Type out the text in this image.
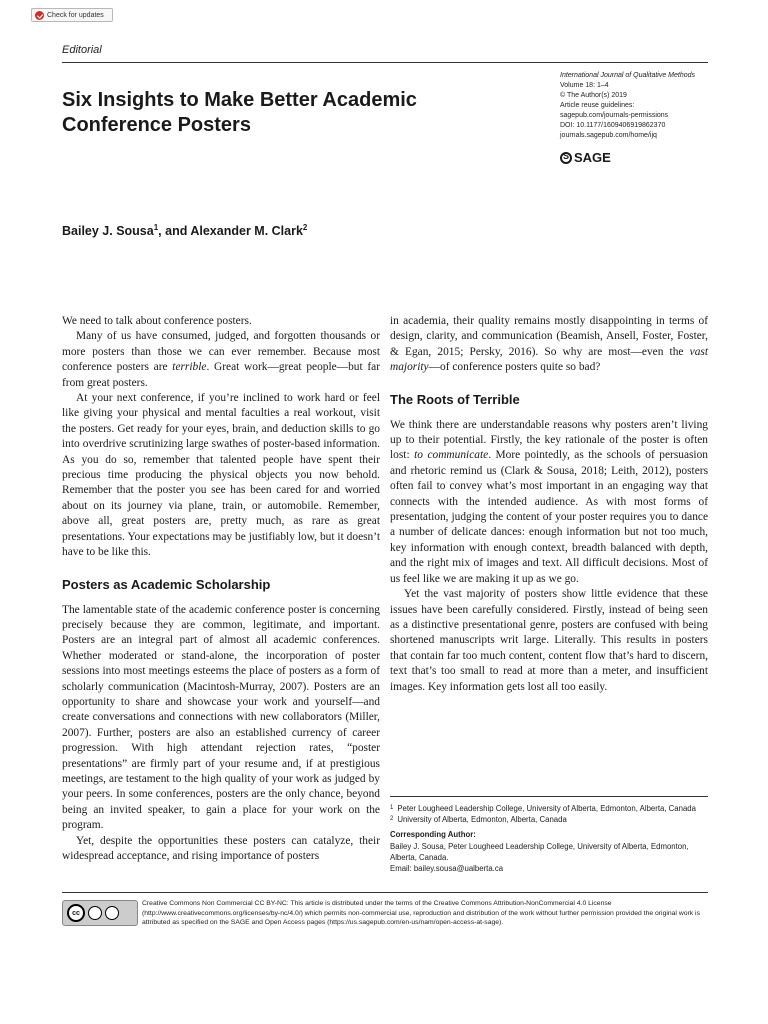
Check for updates
Editorial
Six Insights to Make Better Academic Conference Posters
International Journal of Qualitative Methods
Volume 18: 1–4
© The Author(s) 2019
Article reuse guidelines:
sagepub.com/journals-permissions
DOI: 10.1177/1609406919862370
journals.sagepub.com/home/ijq
S
SAGE
Bailey J. Sousa$^1$, and Alexander M. Clark$^2$

We need to talk about conference posters.

Many of us have consumed, judged, and forgotten thousands or more posters than those we can ever remember. Because most conference posters are terrible. Great work—great people—but far from great posters.

At your next conference, if you’re inclined to work hard or feel like giving your physical and mental faculties a real workout, visit the posters. Get ready for your eyes, brain, and deduction skills to go into overdrive scrutinizing large swathes of poster-based information. As you do so, remember that talented people have spent their precious time producing the physical objects you now behold. Remember that the poster you see has been cared for and worried about on its journey via plane, train, or automobile. Remember, above all, great posters are, pretty much, as rare as great presentations. Your expectations may be justifiably low, but it doesn’t have to be like this.

Posters as Academic Scholarship

The lamentable state of the academic conference poster is concerning precisely because they are common, legitimate, and important. Posters are an integral part of almost all academic conferences. Whether moderated or stand-alone, the incorporation of poster sessions into most meetings esteems the place of posters as a form of scholarly communication (Macintosh-Murray, 2007). Posters are an opportunity to share and showcase your work and yourself—and create conversations and connections with new collaborators (Miller, 2007). Further, posters are also an established currency of career progression. With high attendant rejection rates, “poster presentations” are firmly part of your resume and, if at prestigious meetings, are testament to the high quality of your work as judged by your peers. In some conferences, posters are the only chance, beyond being an invited speaker, to gain a place for your work on the program.

Yet, despite the opportunities these posters can catalyze, their widespread acceptance, and rising importance of posters

in academia, their quality remains mostly disappointing in terms of design, clarity, and communication (Beamish, Ansell, Foster, Foster, & Egan, 2015; Persky, 2016). So why are most—even the vast majority—of conference posters quite so bad?

The Roots of Terrible

We think there are understandable reasons why posters aren’t living up to their potential. Firstly, the key rationale of the poster is often lost: to communicate. More pointedly, as the schools of persuasion and rhetoric remind us (Clark & Sousa, 2018; Leith, 2012), posters often fail to convey what’s most important in an engaging way that connects with the intended audience. As with most forms of presentation, judging the content of your poster requires you to dance a number of delicate dances: enough information but not too much, key information with enough context, breadth balanced with depth, and the right mix of images and text. All difficult decisions. Most of us feel like we are making it up as we go.

Yet the vast majority of posters show little evidence that these issues have been carefully considered. Firstly, instead of being seen as a distinctive presentational genre, posters are confused with being shortened manuscripts writ large. Literally. This results in posters that contain far too much content, content flow that’s hard to discern, text that’s too small to read at more than a meter, and insufficient images. Key information gets lost all too easily.

1 Peter Lougheed Leadership College, University of Alberta, Edmonton, Alberta, Canada
2 University of Alberta, Edmonton, Alberta, Canada
Corresponding Author:
Bailey J. Sousa, Peter Lougheed Leadership College, University of Alberta, Edmonton, Alberta, Canada.
Email: bailey.sousa@ualberta.ca
cc
Creative Commons Non Commercial CC BY-NC: This article is distributed under the terms of the Creative Commons Attribution-NonCommercial 4.0 License (http://www.creativecommons.org/licenses/by-nc/4.0/) which permits non-commercial use, reproduction and distribution of the work without further permission provided the original work is attributed as specified on the SAGE and Open Access pages (https://us.sagepub.com/en-us/nam/open-access-at-sage).
